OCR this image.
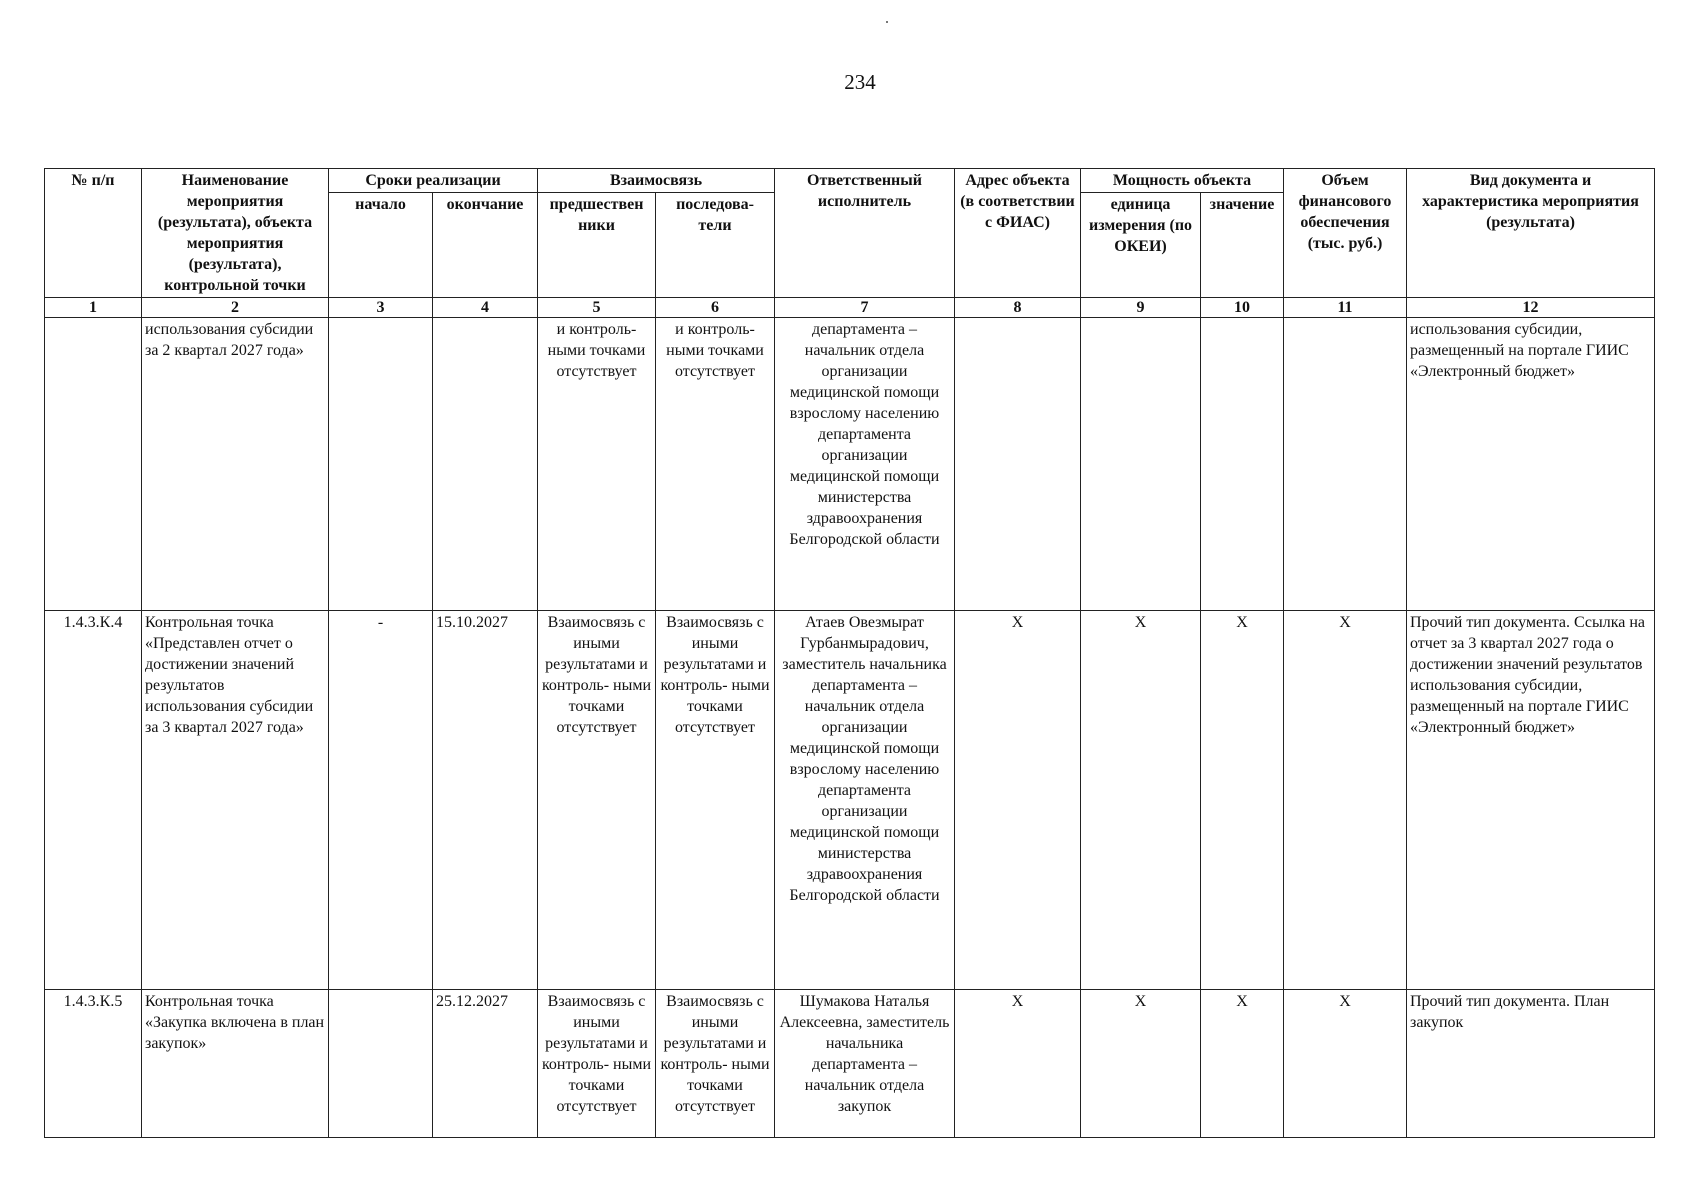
234
№ п/п	Наименование мероприятия (результата), объекта мероприятия (результата), контрольной точки	Сроки реализации		Взаимосвязь		Ответственный исполнитель	Адрес объекта (в соответствии с ФИАС)	Мощность объекта		Объем финансового обеспечения (тыс. руб.)	Вид документа и характеристика мероприятия (результата)
		начало	окончание	предшествен ники	последова- тели			единица измерения (по ОКЕИ)	значение		
1	2	3	4	5	6	7	8	9	10	11	12
	использования субсидии за 2 квартал 2027 года»			и контроль- ными точками отсутствует	и контроль- ными точками отсутствует	департамента – начальник отдела организации медицинской помощи взрослому населению департамента организации медицинской помощи министерства здравоохранения Белгородской области					использования субсидии, размещенный на портале ГИИС «Электронный бюджет»
1.4.3.К.4	Контрольная точка «Представлен отчет о достижении значений результатов использования субсидии за 3 квартал 2027 года»	-	15.10.2027	Взаимосвязь с иными результатами и контроль- ными точками отсутствует	Взаимосвязь с иными результатами и контроль- ными точками отсутствует	Атаев Овезмырат Гурбанмырадович, заместитель начальника департамента – начальник отдела организации медицинской помощи взрослому населению департамента организации медицинской помощи министерства здравоохранения Белгородской области	X	X	X	X	Прочий тип документа. Ссылка на отчет за 3 квартал 2027 года о достижении значений результатов использования субсидии, размещенный на портале ГИИС «Электронный бюджет»
1.4.3.К.5	Контрольная точка «Закупка включена в план закупок»		25.12.2027	Взаимосвязь с иными результатами и контроль- ными точками отсутствует	Взаимосвязь с иными результатами и контроль- ными точками отсутствует	Шумакова Наталья Алексеевна, заместитель начальника департамента – начальник отдела закупок	X	X	X	X	Прочий тип документа. План закупок
